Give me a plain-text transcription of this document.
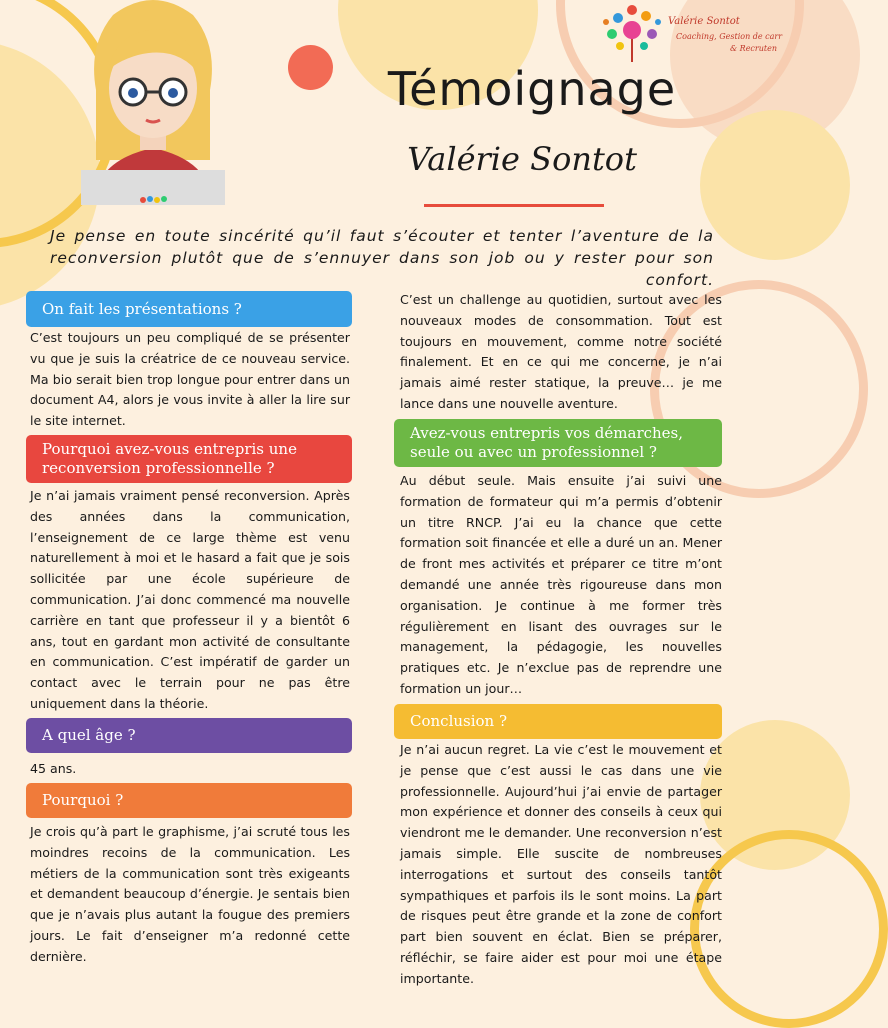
Valérie Sontot
Coaching, Gestion de carr
& Recruten
Témoignage
Valérie Sontot
Je pense en toute sincérité qu’il faut s’écouter et tenter l’aventure de la reconversion plutôt que de s’ennuyer dans son job ou y rester pour son confort.
On fait les présentations ?

C’est toujours un peu compliqué de se présenter vu que je suis la créatrice de ce nouveau service. Ma bio serait bien trop longue pour entrer dans un document A4, alors je vous invite à aller la lire sur le site internet.

Pourquoi avez-vous entrepris une reconversion professionnelle ?

Je n’ai jamais vraiment pensé reconversion. Après des années dans la communication, l’enseignement de ce large thème est venu naturellement à moi et le hasard a fait que je sois sollicitée par une école supérieure de communication. J’ai donc commencé ma nouvelle carrière en tant que professeur il y a bientôt 6 ans, tout en gardant mon activité de consultante en communication. C’est impératif de garder un contact avec le terrain pour ne pas être uniquement dans la théorie.

A quel âge ?

45 ans.

Pourquoi ?

Je crois qu’à part le graphisme, j’ai scruté tous les moindres recoins de la communication. Les métiers de la communication sont très exigeants et demandent beaucoup d’énergie. Je sentais bien que je n’avais plus autant la fougue des premiers jours. Le fait d’enseigner m’a redonné cette dernière.

C’est un challenge au quotidien, surtout avec les nouveaux modes de consommation. Tout est toujours en mouvement, comme notre société finalement. Et en ce qui me concerne, je n’ai jamais aimé rester statique, la preuve… je me lance dans une nouvelle aventure.

Avez-vous entrepris vos démarches, seule ou avec un professionnel ?

Au début seule. Mais ensuite j’ai suivi une formation de formateur qui m’a permis d’obtenir un titre RNCP. J’ai eu la chance que cette formation soit financée et elle a duré un an. Mener de front mes activités et préparer ce titre m’ont demandé une année très rigoureuse dans mon organisation. Je continue à me former très régulièrement en lisant des ouvrages sur le management, la pédagogie, les nouvelles pratiques etc. Je n’exclue pas de reprendre une formation un jour…

Conclusion ?

Je n’ai aucun regret. La vie c’est le mouvement et je pense que c’est aussi le cas dans une vie professionnelle. Aujourd’hui j’ai envie de partager mon expérience et donner des conseils à ceux qui viendront me le demander. Une reconversion n’est jamais simple. Elle suscite de nombreuses interrogations et surtout des conseils tantôt sympathiques et parfois ils le sont moins. La part de risques peut être grande et la zone de confort part bien souvent en éclat. Bien se préparer, réfléchir, se faire aider est pour moi une étape importante.
